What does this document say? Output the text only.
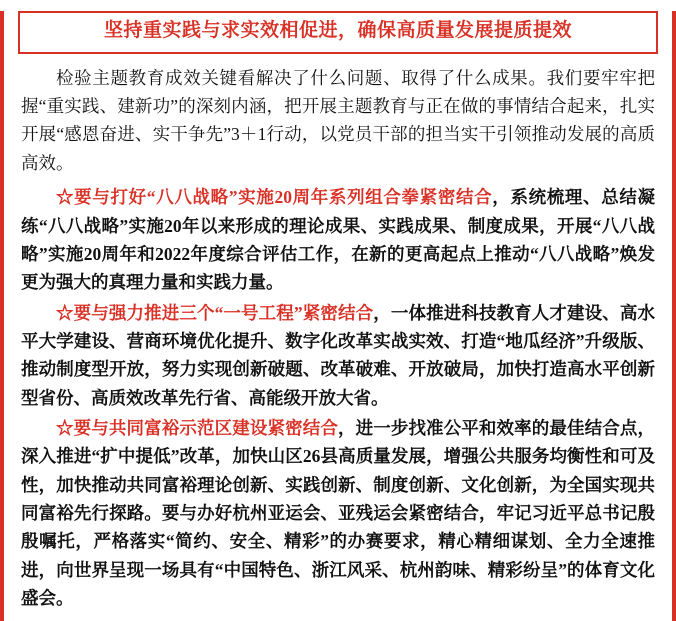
坚持重实践与求实效相促进，确保高质量发展提质提效

检验主题教育成效关键看解决了什么问题、取得了什么成果。我们要牢牢把握“重实践、建新功”的深刻内涵，把开展主题教育与正在做的事情结合起来，扎实开展“感恩奋进、实干争先”3＋1行动，以党员干部的担当实干引领推动发展的高质高效。

☆要与打好“八八战略”实施20周年系列组合拳紧密结合，系统梳理、总结凝练“八八战略”实施20年以来形成的理论成果、实践成果、制度成果，开展“八八战略”实施20周年和2022年度综合评估工作，在新的更高起点上推动“八八战略”焕发更为强大的真理力量和实践力量。

☆要与强力推进三个“一号工程”紧密结合，一体推进科技教育人才建设、高水平大学建设、营商环境优化提升、数字化改革实战实效、打造“地瓜经济”升级版、推动制度型开放，努力实现创新破题、改革破难、开放破局，加快打造高水平创新型省份、高质效改革先行省、高能级开放大省。

☆要与共同富裕示范区建设紧密结合，进一步找准公平和效率的最佳结合点，深入推进“扩中提低”改革，加快山区26县高质量发展，增强公共服务均衡性和可及性，加快推动共同富裕理论创新、实践创新、制度创新、文化创新，为全国实现共同富裕先行探路。要与办好杭州亚运会、亚残运会紧密结合，牢记习近平总书记殷殷嘱托，严格落实“简约、安全、精彩”的办赛要求，精心精细谋划、全力全速推进，向世界呈现一场具有“中国特色、浙江风采、杭州韵味、精彩纷呈”的体育文化盛会。
